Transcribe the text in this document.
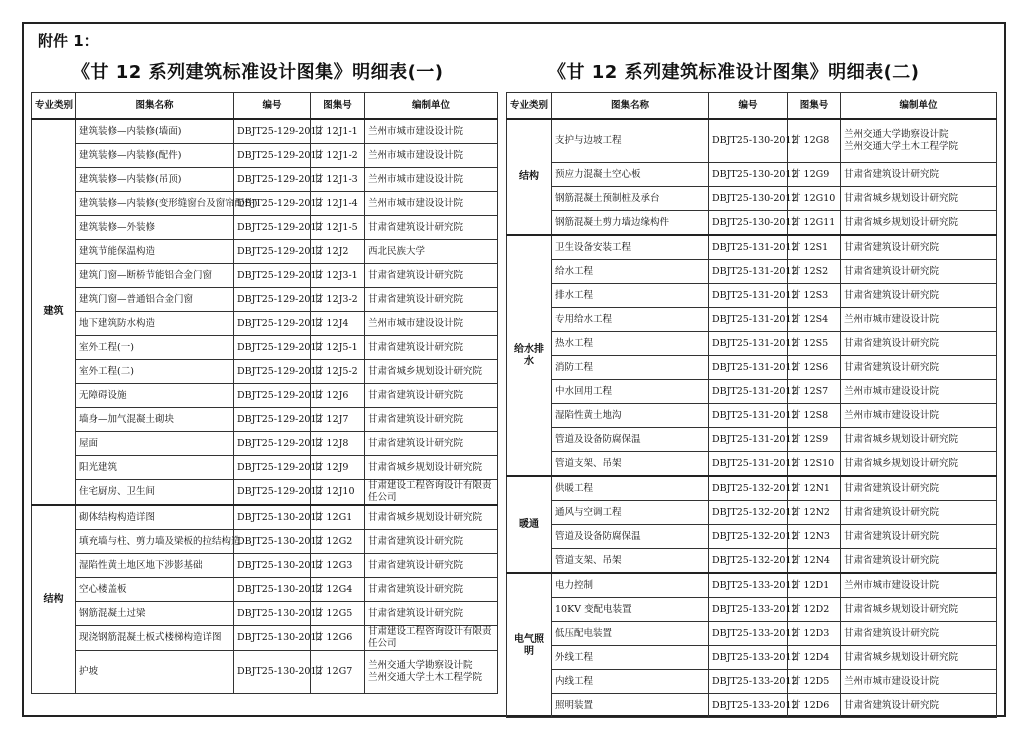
附件 1：
《甘 12 系列建筑标准设计图集》明细表(一)	《甘 12 系列建筑标准设计图集》明细表(二)
专业类别	图集名称	编号	图集号	编制单位
建筑	建筑装修—内装修(墙面)	DBJT25-129-2012	甘 12J1-1	兰州市城市建设设计院
	建筑装修—内装修(配件)	DBJT25-129-2012	甘 12J1-2	兰州市城市建设设计院
	建筑装修—内装修(吊顶)	DBJT25-129-2012	甘 12J1-3	兰州市城市建设设计院
	建筑装修—内装修(变形缝窗台及窗帘配件)	DBJT25-129-2012	甘 12J1-4	兰州市城市建设设计院
	建筑装修—外装修	DBJT25-129-2012	甘 12J1-5	甘肃省建筑设计研究院
	建筑节能保温构造	DBJT25-129-2012	甘 12J2	西北民族大学
	建筑门窗—断桥节能铝合金门窗	DBJT25-129-2012	甘 12J3-1	甘肃省建筑设计研究院
	建筑门窗—普通铝合金门窗	DBJT25-129-2012	甘 12J3-2	甘肃省建筑设计研究院
	地下建筑防水构造	DBJT25-129-2012	甘 12J4	兰州市城市建设设计院
	室外工程(一)	DBJT25-129-2012	甘 12J5-1	甘肃省建筑设计研究院
	室外工程(二)	DBJT25-129-2012	甘 12J5-2	甘肃省城乡规划设计研究院
	无障碍设施	DBJT25-129-2012	甘 12J6	甘肃省建筑设计研究院
	墙身—加气混凝土砌块	DBJT25-129-2012	甘 12J7	甘肃省建筑设计研究院
	屋面	DBJT25-129-2012	甘 12J8	甘肃省建筑设计研究院
	阳光建筑	DBJT25-129-2012	甘 12J9	甘肃省城乡规划设计研究院
	住宅厨房、卫生间	DBJT25-129-2012	甘 12J10	甘肃建设工程咨询设计有限责任公司
结构	砌体结构构造详图	DBJT25-130-2012	甘 12G1	甘肃省城乡规划设计研究院
	填充墙与柱、剪力墙及梁板的拉结构造	DBJT25-130-2012	甘 12G2	甘肃省建筑设计研究院
	湿陷性黄土地区地下涉影基础	DBJT25-130-2012	甘 12G3	甘肃省建筑设计研究院
	空心楼盖板	DBJT25-130-2012	甘 12G4	甘肃省建筑设计研究院
	钢筋混凝土过梁	DBJT25-130-2012	甘 12G5	甘肃省建筑设计研究院
	现浇钢筋混凝土板式楼梯构造详图	DBJT25-130-2012	甘 12G6	甘肃建设工程咨询设计有限责任公司
	护坡	DBJT25-130-2012	甘 12G7	兰州交通大学勘察设计院
兰州交通大学土木工程学院
专业类别	图集名称	编号	图集号	编制单位
结构	支护与边坡工程	DBJT25-130-2012	甘 12G8	兰州交通大学勘察设计院
兰州交通大学土木工程学院
	预应力混凝土空心板	DBJT25-130-2012	甘 12G9	甘肃省建筑设计研究院
	钢筋混凝土预制桩及承台	DBJT25-130-2012	甘 12G10	甘肃省城乡规划设计研究院
	钢筋混凝土剪力墙边缘构件	DBJT25-130-2012	甘 12G11	甘肃省城乡规划设计研究院
给水排水	卫生设备安装工程	DBJT25-131-2012	甘 12S1	甘肃省建筑设计研究院
	给水工程	DBJT25-131-2012	甘 12S2	甘肃省建筑设计研究院
	排水工程	DBJT25-131-2012	甘 12S3	甘肃省建筑设计研究院
	专用给水工程	DBJT25-131-2012	甘 12S4	兰州市城市建设设计院
	热水工程	DBJT25-131-2012	甘 12S5	甘肃省建筑设计研究院
	消防工程	DBJT25-131-2012	甘 12S6	甘肃省建筑设计研究院
	中水回用工程	DBJT25-131-2012	甘 12S7	兰州市城市建设设计院
	湿陷性黄土地沟	DBJT25-131-2012	甘 12S8	兰州市城市建设设计院
	管道及设备防腐保温	DBJT25-131-2012	甘 12S9	甘肃省城乡规划设计研究院
	管道支架、吊架	DBJT25-131-2012	甘 12S10	甘肃省城乡规划设计研究院
暖通	供暖工程	DBJT25-132-2012	甘 12N1	甘肃省建筑设计研究院
	通风与空调工程	DBJT25-132-2012	甘 12N2	甘肃省建筑设计研究院
	管道及设备防腐保温	DBJT25-132-2012	甘 12N3	甘肃省建筑设计研究院
	管道支架、吊架	DBJT25-132-2012	甘 12N4	甘肃省建筑设计研究院
电气照明	电力控制	DBJT25-133-2012	甘 12D1	兰州市城市建设设计院
	10KV 变配电装置	DBJT25-133-2012	甘 12D2	甘肃省城乡规划设计研究院
	低压配电装置	DBJT25-133-2012	甘 12D3	甘肃省建筑设计研究院
	外线工程	DBJT25-133-2012	甘 12D4	甘肃省城乡规划设计研究院
	内线工程	DBJT25-133-2012	甘 12D5	兰州市城市建设设计院
	照明装置	DBJT25-133-2012	甘 12D6	甘肃省建筑设计研究院
